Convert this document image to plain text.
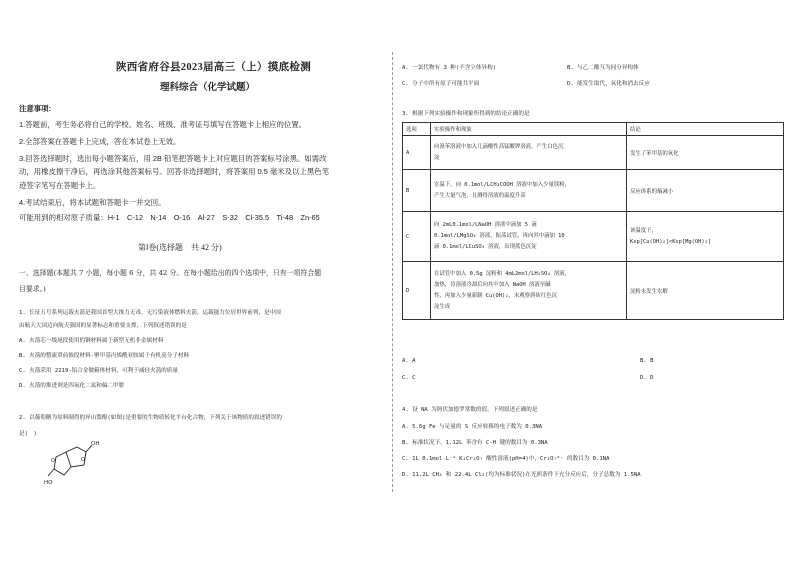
陕西省府谷县2023届高三（上）摸底检测
理科综合（化学试题）
注意事项:
1.答题前，考生务必将自己的学校、姓名、班级、准考证号填写在答题卡上相应的位置。
2.全部答案在答题卡上完成，答在本试卷上无效。
3.回答选择题时，选出每小题答案后，用 2B 铅笔把答题卡上对应题目的答案标号涂黑。如需改
动，用橡皮擦干净后，再选涂其他答案标号。回答非选择题时，将答案用 0.5 毫米及以上黑色笔
迹签字笔写在答题卡上。
4.考试结束后，将本试题和答题卡一并交回。
可能用到的相对原子质量：H-1　C-12　N-14　O-16　Al-27　S-32　Cl-35.5　Ti-48　Zn-65
第Ⅰ卷(选择题　共 42 分)
一、选择题(本题共 7 小题，每小题 6 分，共 42 分。在每小题给出的四个选项中，只有一项符合题
目要求。)
1. 长征五号系列运载火箭是我国首型大推力无毒、无污染液体燃料火箭，运载能力位居世界前列，是中国
由航天大国迈向航天强国的显著标志和重要支撑，下列叙述错误的是
A. 火箭芯一级尾段使用的钢材料属于新型无机非金属材料
B. 火箭的整流罩前锥段材料-聚甲基丙烯酰亚胺属于有机高分子材料
C. 火箭采用 2219-铝合金做箱体材料，可利于减轻火箭的质量
D. 火箭的推进剂是四氧化二氮和偏二甲肼
2. 以葡萄糖为原料制得的异山梨醇(如图)是重要的生物质转化平台化合物，下列关于该物质的叙述错误的
是(　)
O	O
OH
HO
A. 一氯代物有 3 种(不含立体异构)	B. 与乙二酸互为同分异构体
C. 分子中所有原子可能共平面	D. 能发生取代、氧化和消去反应
3. 根据下列实验操作和现象所得到的结论正确的是
选项	实验操作和现象	结论
A	向溴苯溶液中加入几滴酸性高锰酸钾溶液，产生白色沉
淀	发生了苯甲基的氧化
B	室温下，向 0.1mol/LCH₃COOH 溶液中加入少量镁粉，
产生大量气泡，且测得溶液的温度升高	反应体系的熵减小
C	向 2mL0.1mol/LNaOH 溶液中滴加 5 滴
0.1mol/LMgSO₄ 溶液，振荡试管，再向其中滴加 10
滴 0.1mol/LCuSO₄ 溶液，出现蓝色沉淀	该温度下，
Ksp[Cu(OH)₂]<Ksp[Mg(OH)₂]

D	在试管中加入 0.5g 淀粉和 4mL2mol/LH₂SO₄ 溶液，
加热，待溶液冷却后向其中加入 NaOH 溶液至碱
性，再加入少量新制 Cu(OH)₂，未观察到砖红色沉
淀生成	淀粉未发生水解
A. A	B. B
C. C	D. D
4. 设 NA 为阿伏加德罗常数的值，下列叙述正确的是
A. 5.6g Fe 与足量的 S 反应转移的电子数为 0.3NA
B. 标准状况下，1.12L 苯含有 C-H 键的数目为 0.3NA
C. 1L 0.1mol·L⁻¹ K₂Cr₂O₇ 酸性溶液(pH=4)中，Cr₂O₇²⁻ 的数目为 0.1NA
D. 11.2L CH₄ 和 22.4L Cl₂(均为标准状况)在光照条件下充分反应后，分子总数为 1.5NA
